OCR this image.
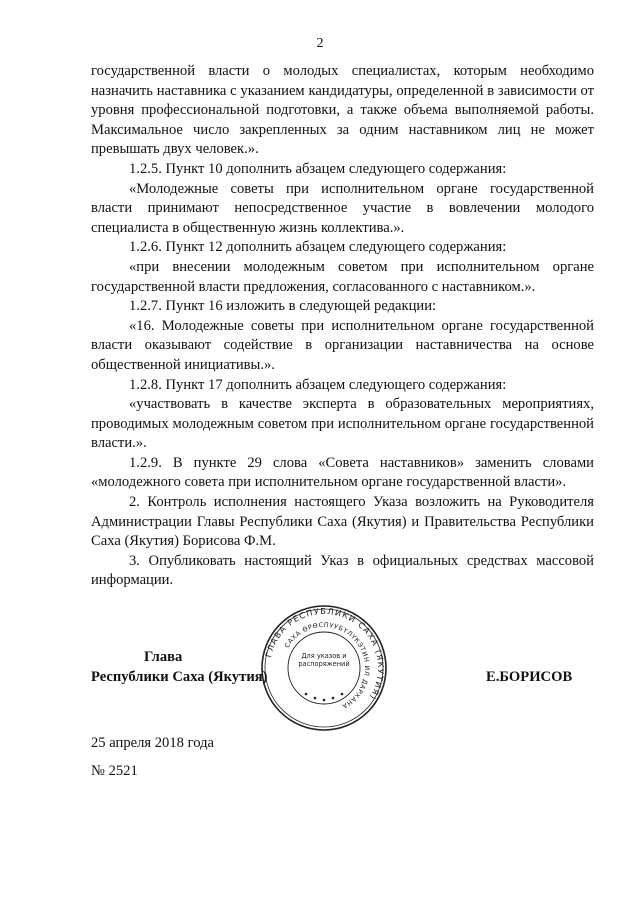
2

государственной власти о молодых специалистах, которым необходимо назначить наставника с указанием кандидатуры, определенной в зависимости от уровня профессиональной подготовки, а также объема выполняемой работы. Максимальное число закрепленных за одним наставником лиц не может превышать двух человек.».

1.2.5. Пункт 10 дополнить абзацем следующего содержания:

«Молодежные советы при исполнительном органе государственной власти принимают непосредственное участие в вовлечении молодого специалиста в общественную жизнь коллектива.».

1.2.6. Пункт 12 дополнить абзацем следующего содержания:

«при внесении молодежным советом при исполнительном органе государственной власти предложения, согласованного с наставником.».

1.2.7. Пункт 16 изложить в следующей редакции:

«16. Молодежные советы при исполнительном органе государственной власти оказывают содействие в организации наставничества на основе общественной инициативы.».

1.2.8. Пункт 17 дополнить абзацем следующего содержания:

«участвовать в качестве эксперта в образовательных мероприятиях, проводимых молодежным советом при исполнительном органе государственной власти.».

1.2.9. В пункте 29 слова «Совета наставников» заменить словами «молодежного совета при исполнительном органе государственной власти».

2. Контроль исполнения настоящего Указа возложить на Руководителя Администрации Главы Республики Саха (Якутия) и Правительства Республики Саха (Якутия) Борисова Ф.М.

3. Опубликовать настоящий Указ в официальных средствах массовой информации.

ГЛАВА РЕСПУБЛИКИ САХА (ЯКУТИЯ)
САХА ӨРӨСПУУБҮЛҮКЭТИН ИЛ ДАРХАНА
Для указов и распоряжений
Глава
Республики Саха (Якутия)	Е.БОРИСОВ
25 апреля 2018 года
№ 2521
